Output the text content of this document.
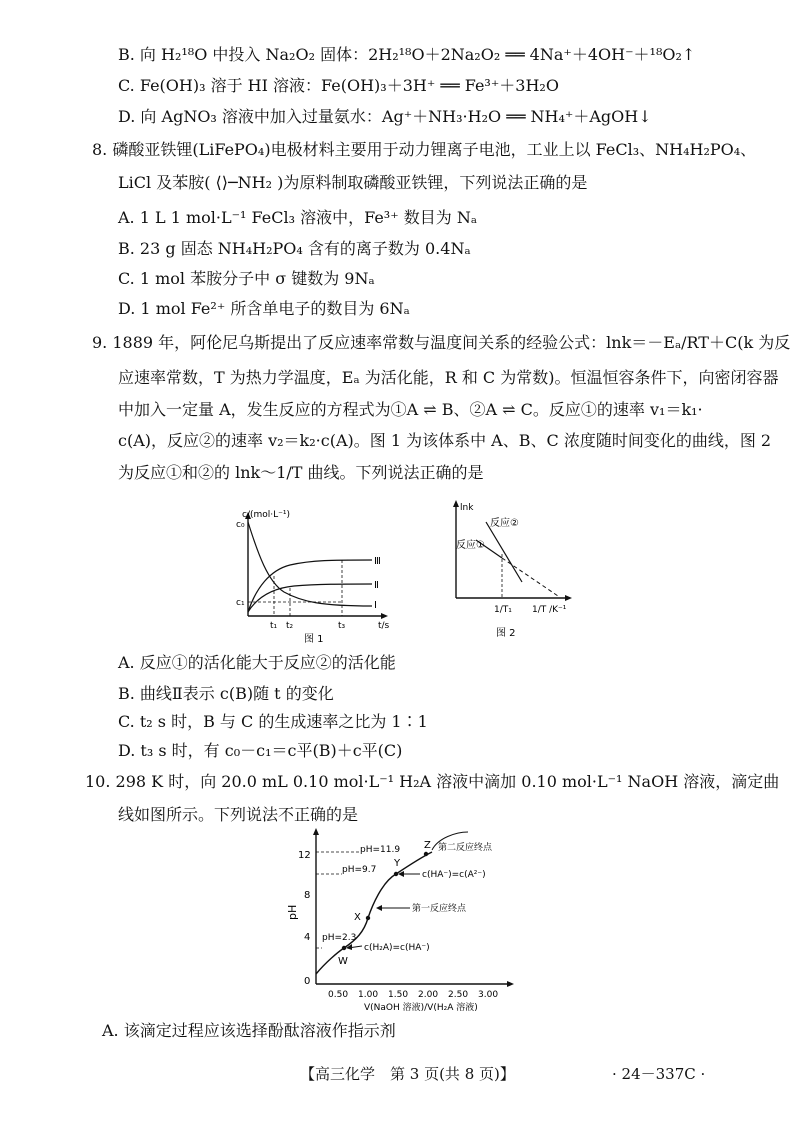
B. 向 H₂¹⁸O 中投入 Na₂O₂ 固体：2H₂¹⁸O＋2Na₂O₂ ══ 4Na⁺＋4OH⁻＋¹⁸O₂↑
C. Fe(OH)₃ 溶于 HI 溶液：Fe(OH)₃＋3H⁺ ══ Fe³⁺＋3H₂O
D. 向 AgNO₃ 溶液中加入过量氨水：Ag⁺＋NH₃·H₂O ══ NH₄⁺＋AgOH↓
8. 磷酸亚铁锂(LiFePO₄)电极材料主要用于动力锂离子电池，工业上以 FeCl₃、NH₄H₂PO₄、
LiCl 及苯胺( ⟨⟩─NH₂ )为原料制取磷酸亚铁锂，下列说法正确的是
A. 1 L 1 mol·L⁻¹ FeCl₃ 溶液中，Fe³⁺ 数目为 Nₐ
B. 23 g 固态 NH₄H₂PO₄ 含有的离子数为 0.4Nₐ
C. 1 mol 苯胺分子中 σ 键数为 9Nₐ
D. 1 mol Fe²⁺ 所含单电子的数目为 6Nₐ
9. 1889 年，阿伦尼乌斯提出了反应速率常数与温度间关系的经验公式：lnk＝－Eₐ/RT＋C(k 为反
应速率常数，T 为热力学温度，Eₐ 为活化能，R 和 C 为常数)。恒温恒容条件下，向密闭容器
中加入一定量 A，发生反应的方程式为①A ⇌ B、②A ⇌ C。反应①的速率 v₁＝k₁·
c(A)，反应②的速率 v₂＝k₂·c(A)。图 1 为该体系中 A、B、C 浓度随时间变化的曲线，图 2
为反应①和②的 lnk～1/T 曲线。下列说法正确的是
c/(mol·L⁻¹)
c₀
c₁
Ⅲ
Ⅱ
Ⅰ
t₁ t₂	t₃	t/s
图 1
lnk
反应②
反应①
1/T₁ 1/T /K⁻¹
图 2
A. 反应①的活化能大于反应②的活化能
B. 曲线Ⅱ表示 c(B)随 t 的变化
C. t₂ s 时，B 与 C 的生成速率之比为 1∶1
D. t₃ s 时，有 c₀－c₁＝c平(B)＋c平(C)
10. 298 K 时，向 20.0 mL 0.10 mol·L⁻¹ H₂A 溶液中滴加 0.10 mol·L⁻¹ NaOH 溶液，滴定曲
线如图所示。下列说法不正确的是
pH
12
8
4
0
W
X
Y
Z
pH=11.9
pH=9.7
pH=2.3
第二反应终点
c(HA⁻)=c(A²⁻)
第一反应终点
c(H₂A)=c(HA⁻)
0.50 1.00 1.50 2.00 2.50 3.00
V(NaOH 溶液)/V(H₂A 溶液)
A. 该滴定过程应该选择酚酞溶液作指示剂
【高三化学　第 3 页(共 8 页)】	· 24－337C ·
